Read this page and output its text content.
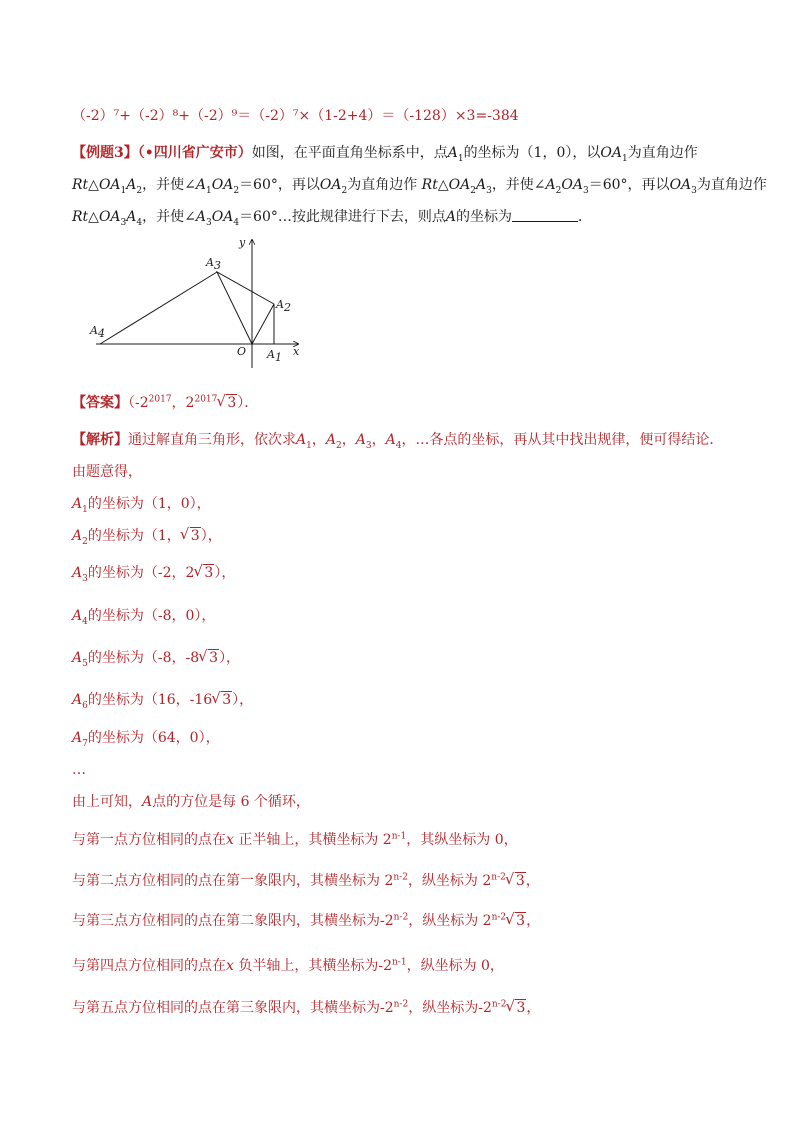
（-2）⁷+（-2）⁸+（-2）⁹＝（-2）⁷×（1-2+4）＝（-128）×3=-384
【例题3】（•四川省广安市）如图，在平面直角坐标系中，点$A_1$的坐标为（1，0），以$OA_1$为直角边作
$Rt\triangle OA_1A_2$，并使$\angle A_1OA_2=60^\circ$，再以$OA_2$为直角边作 $Rt\triangle OA_2A_3$，并使$\angle A_2OA_3=60^\circ$，再以$OA_3$为直角边作
$Rt\triangle OA_3A_4$，并使$\angle A_3OA_4=60^\circ\dots$按此规律进行下去，则点A的坐标为	．
y
x
O A1
A2
A3
A4
【答案】（$-2^{2017}$，$2^{2017}√$ 3）．
【解析】通过解直角三角形，依次求$A_1$，$A_2$，$A_3$，$A_4$，…各点的坐标，再从其中找出规律，便可得结论．
由题意得，
$A_1$的坐标为（1，0），
$A_2$的坐标为（1，√ 3），
$A_3$的坐标为（-2，2√ 3），
$A_4$的坐标为（-8，0），
$A_5$的坐标为（-8，-8√ 3），
$A_6$的坐标为（16，-16√ 3），
$A_7$的坐标为（64，0），
…
由上可知，A点的方位是每 6 个循环，
与第一点方位相同的点在x 正半轴上，其横坐标为 2$^{n-1}$，其纵坐标为 0，
与第二点方位相同的点在第一象限内，其横坐标为 2$^{n-2}$，纵坐标为 2$^{n-2}$√ 3，
与第三点方位相同的点在第二象限内，其横坐标为-2$^{n-2}$，纵坐标为 2$^{n-2}$√ 3，
与第四点方位相同的点在x 负半轴上，其横坐标为-2$^{n-1}$，纵坐标为 0，
与第五点方位相同的点在第三象限内，其横坐标为-2$^{n-2}$，纵坐标为-2$^{n-2}$√ 3，
